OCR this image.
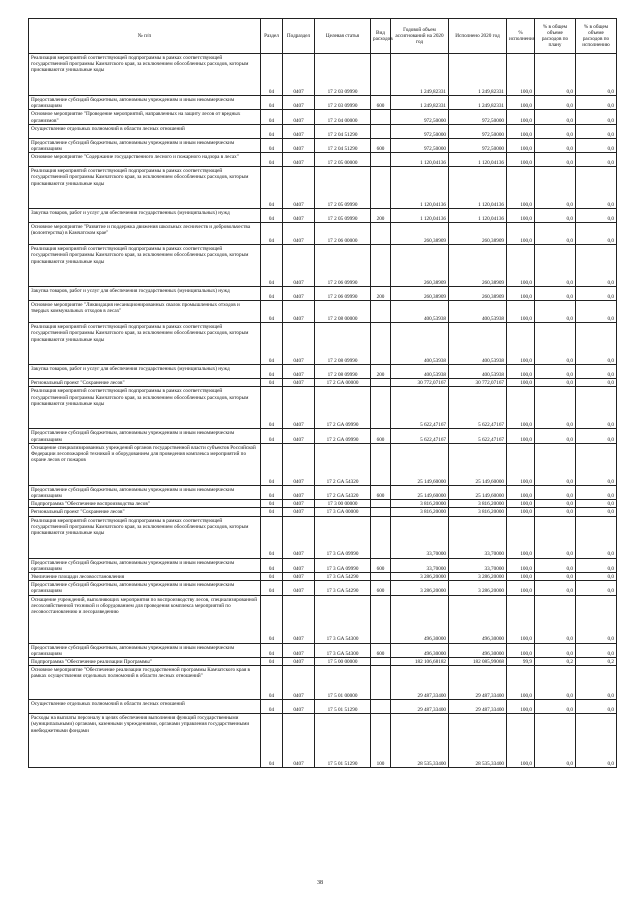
№ п/п	Раздел	Подраздел	Целевая статья	Вид расходов	Годовой объем ассигнований на 2020 год	Исполнено 2020 год	% исполнения	% в общем объеме расходов по плану	% в общем объеме расходов по исполнению
Реализация мероприятий соответствующей подпрограммы в рамках соответствующей государственной программы Камчатского края, за исключением обособленных расходов, которым присваиваются уникальные коды	04	0407	17 2 03 09990		1 249,82331	1 249,82331	100,0	0,0	0,0
Предоставление субсидий бюджетным, автономным учреждениям и иным некоммерческим организациям	04	0407	17 2 03 09990	600	1 249,82331	1 249,82331	100,0	0,0	0,0
Основное мероприятие "Проведение мероприятий, направленных на защиту лесов от вредных организмов"	04	0407	17 2 04 00000		972,50000	972,50000	100,0	0,0	0,0
Осуществление отдельных полномочий в области лесных отношений	04	0407	17 2 04 51290		972,50000	972,50000	100,0	0,0	0,0
Предоставление субсидий бюджетным, автономным учреждениям и иным некоммерческим организациям	04	0407	17 2 04 51290	600	972,50000	972,50000	100,0	0,0	0,0
Основное мероприятие "Содержание государственного лесного и пожарного надзора в лесах"	04	0407	17 2 05 00000		1 120,04136	1 120,04136	100,0	0,0	0,0
Реализация мероприятий соответствующей подпрограммы в рамках соответствующей государственной программы Камчатского края, за исключением обособленных расходов, которым присваиваются уникальные коды	04	0407	17 2 05 09990		1 120,04136	1 120,04136	100,0	0,0	0,0
Закупка товаров, работ и услуг для обеспечения государственных (муниципальных) нужд	04	0407	17 2 05 09990	200	1 120,04136	1 120,04136	100,0	0,0	0,0
Основное мероприятие "Развитие и поддержка движения школьных лесничеств и добровольчества (волонтерства) в Камчатском крае"	04	0407	17 2 06 00000		260,38909	260,38909	100,0	0,0	0,0
Реализация мероприятий соответствующей подпрограммы в рамках соответствующей государственной программы Камчатского края, за исключением обособленных расходов, которым присваиваются уникальные коды	04	0407	17 2 06 09990		260,38909	260,38909	100,0	0,0	0,0
Закупка товаров, работ и услуг для обеспечения государственных (муниципальных) нужд	04	0407	17 2 06 09990	200	260,38909	260,38909	100,0	0,0	0,0
Основное мероприятие "Ликвидация несанкционированных свалок промышленных отходов и твердых коммунальных отходов в лесах"	04	0407	17 2 08 00000		400,53938	400,53938	100,0	0,0	0,0
Реализация мероприятий соответствующей подпрограммы в рамках соответствующей государственной программы Камчатского края, за исключением обособленных расходов, которым присваиваются уникальные коды	04	0407	17 2 08 09990		400,53938	400,53938	100,0	0,0	0,0
Закупка товаров, работ и услуг для обеспечения государственных (муниципальных) нужд	04	0407	17 2 08 09990	200	400,53938	400,53938	100,0	0,0	0,0
Региональный проект "Сохранение лесов"	04	0407	17 2 GA 00000		30 772,07167	30 772,07167	100,0	0,0	0,0
Реализация мероприятий соответствующей подпрограммы в рамках соответствующей государственной программы Камчатского края, за исключением обособленных расходов, которым присваиваются уникальные коды	04	0407	17 2 GA 09990		5 622,47167	5 622,47167	100,0	0,0	0,0
Предоставление субсидий бюджетным, автономным учреждениям и иным некоммерческим организациям	04	0407	17 2 GA 09990	600	5 622,47167	5 622,47167	100,0	0,0	0,0
Оснащение специализированных учреждений органов государственной власти субъектов Российской Федерации лесопожарной техникой и оборудованием для проведения комплекса мероприятий по охране лесов от пожаров	04	0407	17 2 GA 54320		25 149,60000	25 149,60000	100,0	0,0	0,0
Предоставление субсидий бюджетным, автономным учреждениям и иным некоммерческим организациям	04	0407	17 2 GA 54320	600	25 149,60000	25 149,60000	100,0	0,0	0,0
Подпрограмма "Обеспечение воспроизводства лесов"	04	0407	17 3 00 00000		3 816,20000	3 816,20000	100,0	0,0	0,0
Региональный проект "Сохранение лесов"	04	0407	17 3 GA 00000		3 816,20000	3 816,20000	100,0	0,0	0,0
Реализация мероприятий соответствующей подпрограммы в рамках соответствующей государственной программы Камчатского края, за исключением обособленных расходов, которым присваиваются уникальные коды	04	0407	17 3 GA 09990		33,70000	33,70000	100,0	0,0	0,0
Предоставление субсидий бюджетным, автономным учреждениям и иным некоммерческим организациям	04	0407	17 3 GA 09990	600	33,70000	33,70000	100,0	0,0	0,0
Увеличение площади лесовосстановления	04	0407	17 3 GA 54290		3 286,20000	3 286,20000	100,0	0,0	0,0
Предоставление субсидий бюджетным, автономным учреждениям и иным некоммерческим организациям	04	0407	17 3 GA 54290	600	3 286,20000	3 286,20000	100,0	0,0	0,0
Оснащение учреждений, выполняющих мероприятия по воспроизводству лесов, специализированной лесохозяйственной техникой и оборудованием для проведения комплекса мероприятий по лесовосстановлению и лесоразведению	04	0407	17 3 GA 54300		496,30000	496,30000	100,0	0,0	0,0
Предоставление субсидий бюджетным, автономным учреждениям и иным некоммерческим организациям	04	0407	17 3 GA 54300	600	496,30000	496,30000	100,0	0,0	0,0
Подпрограмма "Обеспечение реализации Программы"	04	0407	17 5 00 00000		182 106,68182	182 085,99068	99,9	0,2	0,2
Основное мероприятие "Обеспечение реализации государственной программы Камчатского края в рамках осуществления отдельных полномочий в области лесных отношений"	04	0407	17 5 01 00000		29 487,33400	29 487,33400	100,0	0,0	0,0
Осуществление отдельных полномочий в области лесных отношений	04	0407	17 5 01 51290		29 487,33400	29 487,33400	100,0	0,0	0,0
Расходы на выплаты персоналу в целях обеспечения выполнения функций государственными (муниципальными) органами, казенными учреждениями, органами управления государственными внебюджетными фондами	04	0407	17 5 01 51290	100	28 535,33400	28 535,33400	100,0	0,0	0,0
38
